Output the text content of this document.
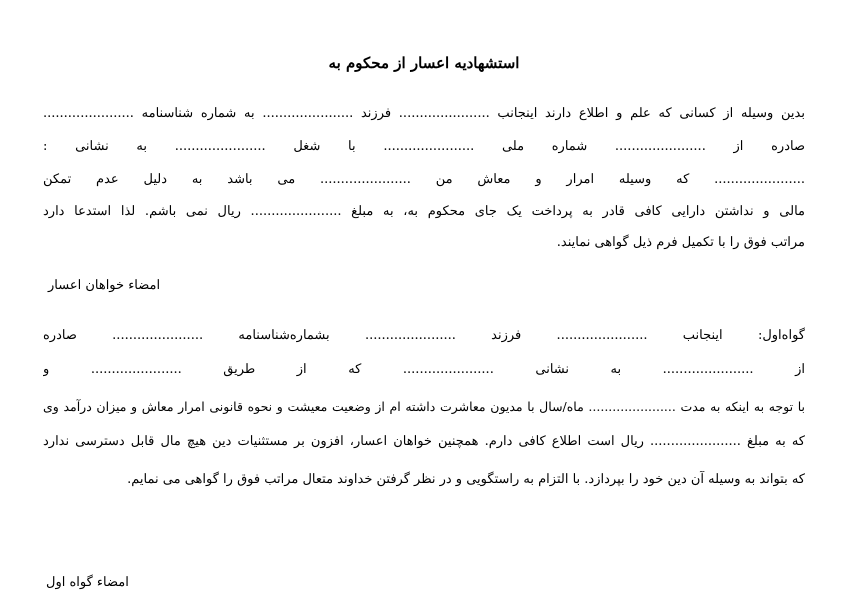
استشهادیه اعسار از محکوم به
بدین وسیله از کسانی که علم و اطلاع دارند اینجانب ...................... فرزند ...................... به شماره شناسنامه ......................
صادره از ...................... شماره ملی ...................... با شغل ...................... به نشانی :
...................... که وسیله امرار و معاش من ...................... می باشد به دلیل عدم تمکن
مالی و نداشتن دارایی کافی قادر به پرداخت یک جای محکوم به، به مبلغ ...................... ریال نمی باشم. لذا استدعا دارد
مراتب فوق را با تکمیل فرم ذیل گواهی نمایند.
امضاء خواهان اعسار
گواه‌اول: اینجانب ...................... فرزند ...................... بشماره‌شناسنامه ...................... صادره
از ...................... به نشانی ...................... که از طریق ...................... و
با توجه به اینکه به مدت ...................... ماه/سال با مدیون معاشرت داشته ام از وضعیت معیشت و نحوه قانونی امرار معاش و میزان درآمد وی
که به مبلغ ...................... ریال است اطلاع کافی دارم. همچنین خواهان اعسار، افزون بر مستثنیات دین هیچ مال قابل دسترسی ندارد
که بتواند به وسیله آن دین خود را بپردازد. با التزام به راستگویی و در نظر گرفتن خداوند متعال مراتب فوق را گواهی می نمایم.
امضاء گواه اول
